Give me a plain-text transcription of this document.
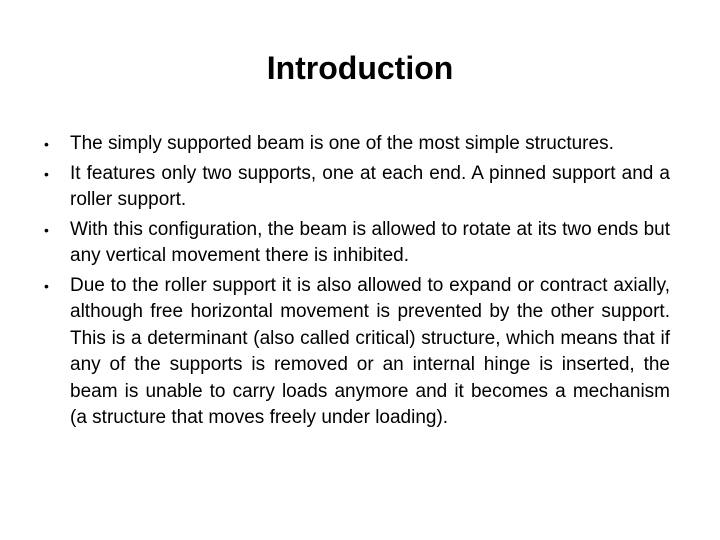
Introduction
• The simply supported beam is one of the most simple structures.
• It features only two supports, one at each end. A pinned support and a roller support.
• With this configuration, the beam is allowed to rotate at its two ends but any vertical movement there is inhibited.
• Due to the roller support it is also allowed to expand or contract axially, although free horizontal movement is prevented by the other support. This is a determinant (also called critical) structure, which means that if any of the supports is removed or an internal hinge is inserted, the beam is unable to carry loads anymore and it becomes a mechanism (a structure that moves freely under loading).
